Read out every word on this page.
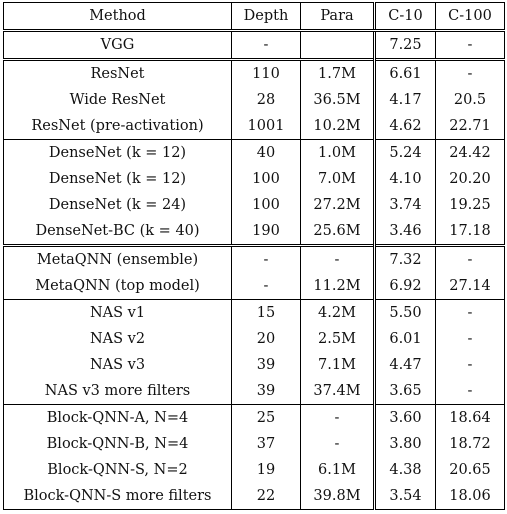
Method	Depth	Para	C-10	C-100
VGG	-		7.25	-
ResNet	110	1.7M	6.61	-
Wide ResNet	28	36.5M	4.17	20.5
ResNet (pre-activation)	1001	10.2M	4.62	22.71
DenseNet (k = 12)	40	1.0M	5.24	24.42
DenseNet (k = 12)	100	7.0M	4.10	20.20
DenseNet (k = 24)	100	27.2M	3.74	19.25
DenseNet-BC (k = 40)	190	25.6M	3.46	17.18
MetaQNN (ensemble)	-	-	7.32	-
MetaQNN (top model)	-	11.2M	6.92	27.14
NAS v1	15	4.2M	5.50	-
NAS v2	20	2.5M	6.01	-
NAS v3	39	7.1M	4.47	-
NAS v3 more filters	39	37.4M	3.65	-
Block-QNN-A, N=4	25	-	3.60	18.64
Block-QNN-B, N=4	37	-	3.80	18.72
Block-QNN-S, N=2	19	6.1M	4.38	20.65
Block-QNN-S more filters	22	39.8M	3.54	18.06
